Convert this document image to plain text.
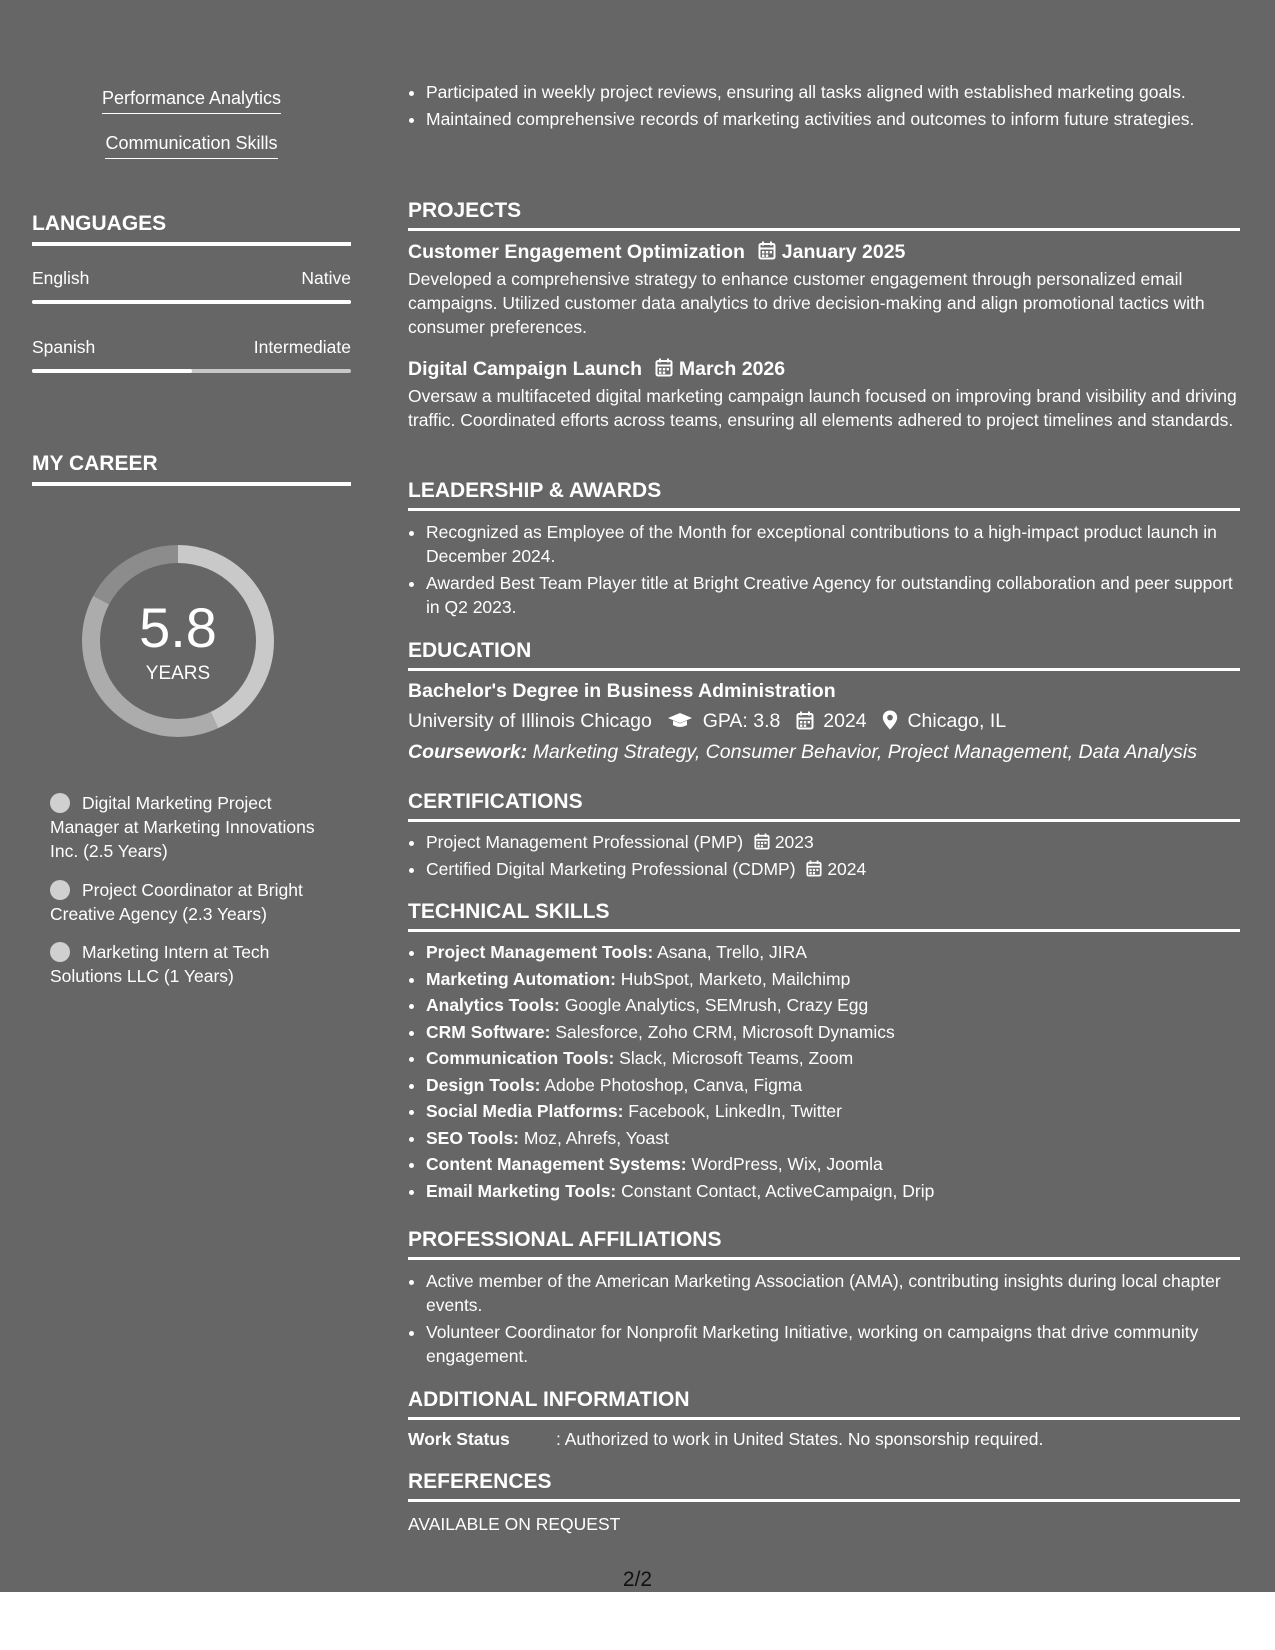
Performance Analytics
Communication Skills
LANGUAGES
English	Native
Spanish	Intermediate
MY CAREER
5.8
YEARS
Digital Marketing Project Manager at Marketing Innovations Inc. (2.5 Years)
Project Coordinator at Bright Creative Agency (2.3 Years)
Marketing Intern at Tech Solutions LLC (1 Years)
• Participated in weekly project reviews, ensuring all tasks aligned with established marketing goals.
• Maintained comprehensive records of marketing activities and outcomes to inform future strategies.
PROJECTS
Customer Engagement Optimization January 2025
Developed a comprehensive strategy to enhance customer engagement through personalized email campaigns. Utilized customer data analytics to drive decision-making and align promotional tactics with consumer preferences.
Digital Campaign Launch March 2026
Oversaw a multifaceted digital marketing campaign launch focused on improving brand visibility and driving traffic. Coordinated efforts across teams, ensuring all elements adhered to project timelines and standards.
LEADERSHIP & AWARDS
• Recognized as Employee of the Month for exceptional contributions to a high-impact product launch in December 2024.
• Awarded Best Team Player title at Bright Creative Agency for outstanding collaboration and peer support in Q2 2023.
EDUCATION
Bachelor's Degree in Business Administration
University of Illinois Chicago	GPA: 3.8 2024 Chicago, IL
Coursework: Marketing Strategy, Consumer Behavior, Project Management, Data Analysis
CERTIFICATIONS
• Project Management Professional (PMP) 2023
• Certified Digital Marketing Professional (CDMP) 2024
TECHNICAL SKILLS
• Project Management Tools: Asana, Trello, JIRA
• Marketing Automation: HubSpot, Marketo, Mailchimp
• Analytics Tools: Google Analytics, SEMrush, Crazy Egg
• CRM Software: Salesforce, Zoho CRM, Microsoft Dynamics
• Communication Tools: Slack, Microsoft Teams, Zoom
• Design Tools: Adobe Photoshop, Canva, Figma
• Social Media Platforms: Facebook, LinkedIn, Twitter
• SEO Tools: Moz, Ahrefs, Yoast
• Content Management Systems: WordPress, Wix, Joomla
• Email Marketing Tools: Constant Contact, ActiveCampaign, Drip
PROFESSIONAL AFFILIATIONS
• Active member of the American Marketing Association (AMA), contributing insights during local chapter events.
• Volunteer Coordinator for Nonprofit Marketing Initiative, working on campaigns that drive community engagement.
ADDITIONAL INFORMATION
Work Status	: Authorized to work in United States. No sponsorship required.
REFERENCES
AVAILABLE ON REQUEST
2/2
